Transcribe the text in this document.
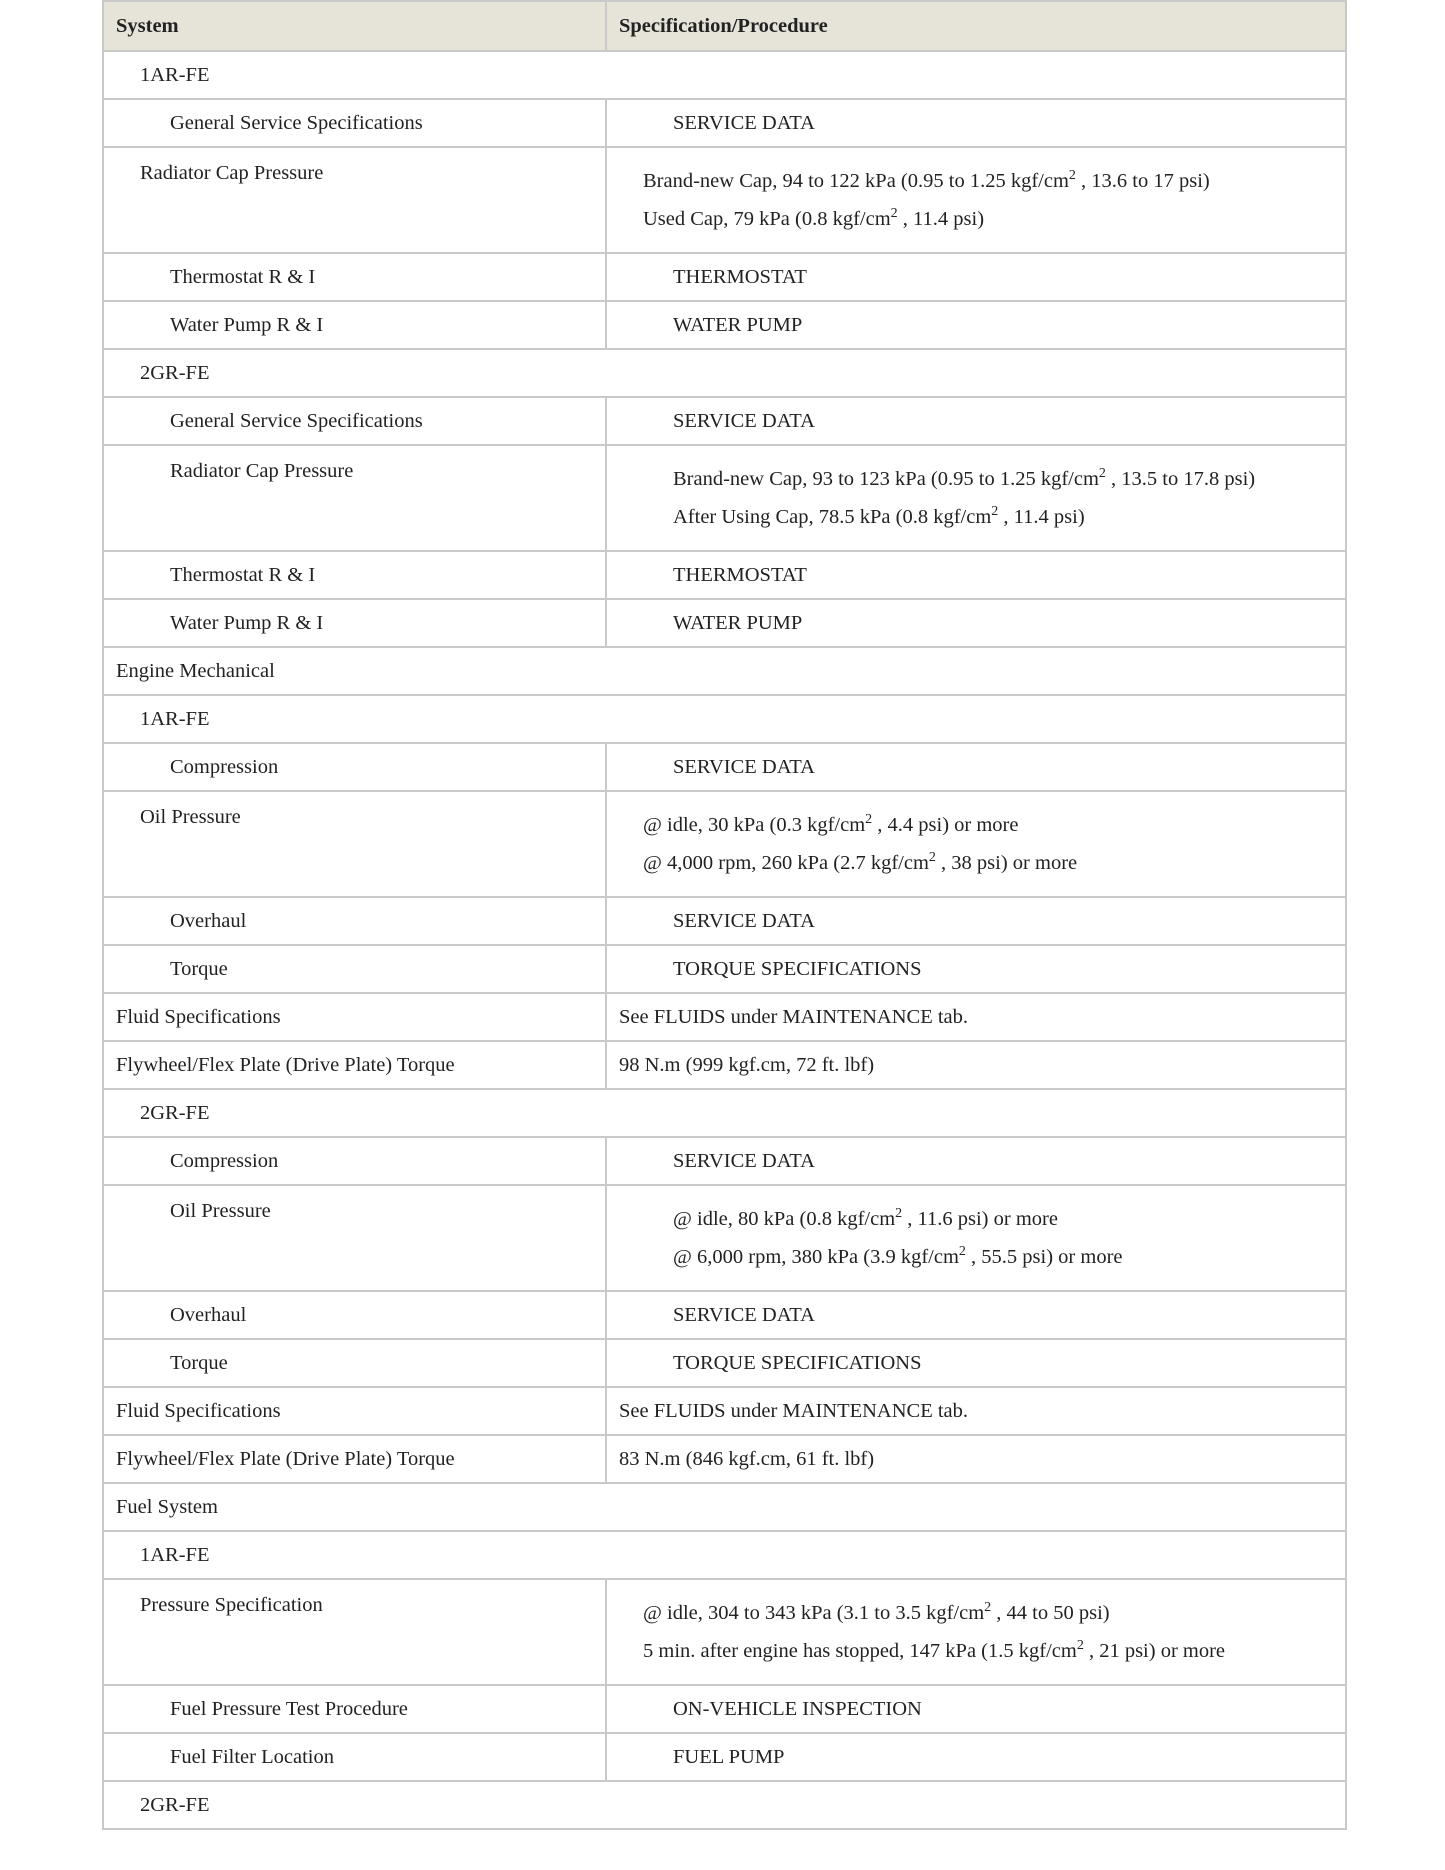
System	Specification/Procedure
1AR-FE	
General Service Specifications	SERVICE DATA
Radiator Cap Pressure	Brand-new Cap, 94 to 122 kPa (0.95 to 1.25 kgf/$cm^2$ , 13.6 to 17 psi)
Used Cap, 79 kPa (0.8 kgf/$cm^2$ , 11.4 psi)

Thermostat R & I	THERMOSTAT
Water Pump R & I	WATER PUMP
2GR-FE	
General Service Specifications	SERVICE DATA
Radiator Cap Pressure	Brand-new Cap, 93 to 123 kPa (0.95 to 1.25 kgf/$cm^2$ , 13.5 to 17.8 psi)
After Using Cap, 78.5 kPa (0.8 kgf/$cm^2$ , 11.4 psi)

Thermostat R & I	THERMOSTAT
Water Pump R & I	WATER PUMP
Engine Mechanical	
1AR-FE	
Compression	SERVICE DATA
Oil Pressure	@ idle, 30 kPa (0.3 kgf/$cm^2$ , 4.4 psi) or more
@ 4,000 rpm, 260 kPa (2.7 kgf/$cm^2$ , 38 psi) or more

Overhaul	SERVICE DATA
Torque	TORQUE SPECIFICATIONS
Fluid Specifications	See FLUIDS under MAINTENANCE tab.
Flywheel/Flex Plate (Drive Plate) Torque	98 N.m (999 kgf.cm, 72 ft. lbf)
2GR-FE	
Compression	SERVICE DATA
Oil Pressure	@ idle, 80 kPa (0.8 kgf/$cm^2$ , 11.6 psi) or more
@ 6,000 rpm, 380 kPa (3.9 kgf/$cm^2$ , 55.5 psi) or more

Overhaul	SERVICE DATA
Torque	TORQUE SPECIFICATIONS
Fluid Specifications	See FLUIDS under MAINTENANCE tab.
Flywheel/Flex Plate (Drive Plate) Torque	83 N.m (846 kgf.cm, 61 ft. lbf)
Fuel System	
1AR-FE	
Pressure Specification	@ idle, 304 to 343 kPa (3.1 to 3.5 kgf/$cm^2$ , 44 to 50 psi)
5 min. after engine has stopped, 147 kPa (1.5 kgf/$cm^2$ , 21 psi) or more

Fuel Pressure Test Procedure	ON-VEHICLE INSPECTION
Fuel Filter Location	FUEL PUMP
2GR-FE	
